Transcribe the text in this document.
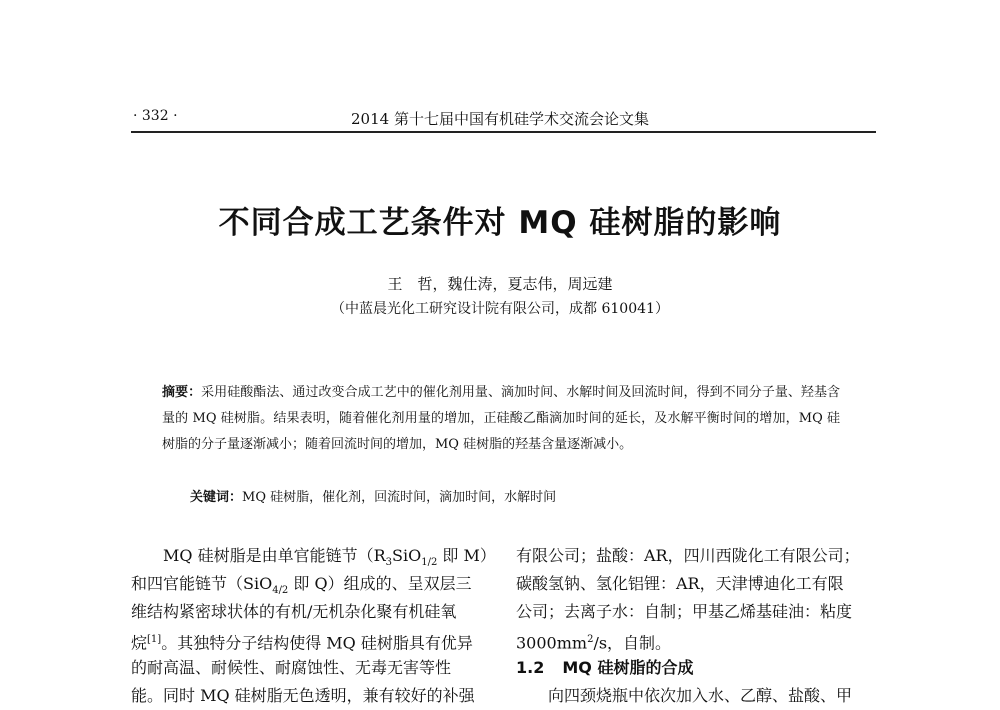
· 332 ·	2014 第十七届中国有机硅学术交流会论文集
不同合成工艺条件对 MQ 硅树脂的影响
王　哲，魏仕涛，夏志伟，周远建
（中蓝晨光化工研究设计院有限公司，成都 610041）
摘要：采用硅酸酯法、通过改变合成工艺中的催化剂用量、滴加时间、水解时间及回流时间，得到不同分子量、羟基含量的 MQ 硅树脂。结果表明，随着催化剂用量的增加，正硅酸乙酯滴加时间的延长，及水解平衡时间的增加，MQ 硅树脂的分子量逐渐减小；随着回流时间的增加，MQ 硅树脂的羟基含量逐渐减小。
关键词：MQ 硅树脂，催化剂，回流时间，滴加时间，水解时间
MQ 硅树脂是由单官能链节（$R_3SiO_{1/2}$ 即 M）
和四官能链节（SiO$_{4/2}$ 即 Q）组成的、呈双层三
维结构紧密球状体的有机/无机杂化聚有机硅氧
烷[1]。其独特分子结构使得 MQ 硅树脂具有优异
的耐高温、耐候性、耐腐蚀性、无毒无害等性
能。同时 MQ 硅树脂无色透明，兼有较好的补强
有限公司；盐酸：AR，四川西陇化工有限公司；
碳酸氢钠、氢化铝锂：AR，天津博迪化工有限
公司；去离子水：自制；甲基乙烯基硅油：粘度
$3000mm^2/s$，自制。
1.2 MQ 硅树脂的合成
向四颈烧瓶中依次加入水、乙醇、盐酸、甲
